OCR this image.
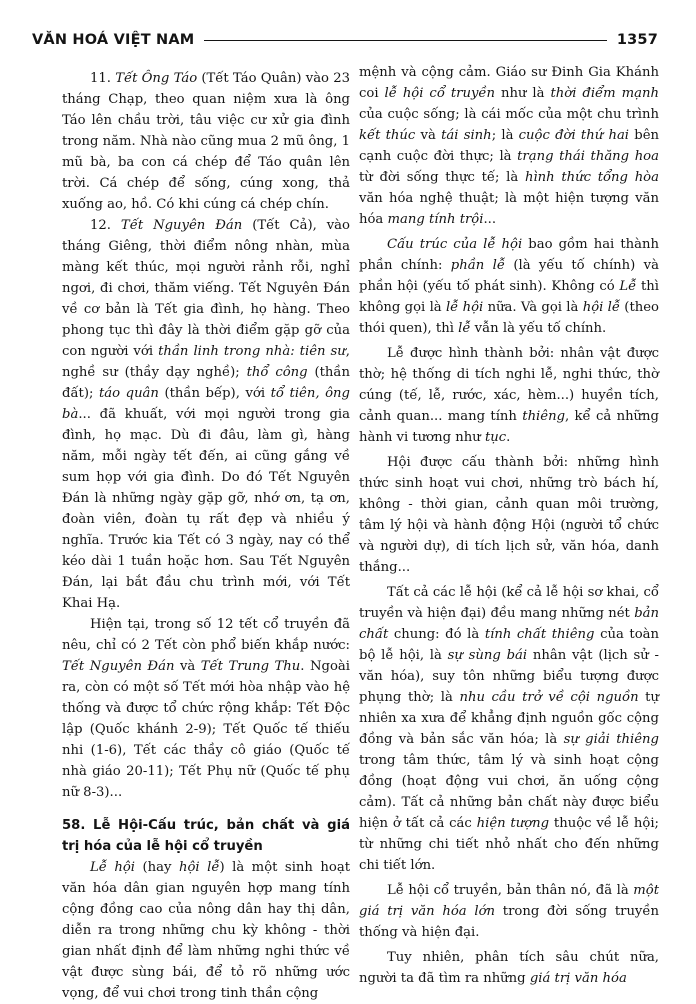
VĂN HOÁ VIỆT NAM	1357

11. Tết Ông Táo (Tết Táo Quân) vào 23 tháng Chạp, theo quan niệm xưa là ông Táo lên chầu trời, tâu việc cư xử gia đình trong năm. Nhà nào cũng mua 2 mũ ông, 1 mũ bà, ba con cá chép để Táo quân lên trời. Cá chép để sống, cúng xong, thả xuống ao, hồ. Có khi cúng cá chép chín.

12. Tết Nguyên Đán (Tết Cả), vào tháng Giêng, thời điểm nông nhàn, mùa màng kết thúc, mọi người rảnh rỗi, nghỉ ngơi, đi chơi, thăm viếng. Tết Nguyên Đán về cơ bản là Tết gia đình, họ hàng. Theo phong tục thì đây là thời điểm gặp gỡ của con người với thần linh trong nhà: tiên sư, nghề sư (thầy dạy nghề); thổ công (thần đất); táo quân (thần bếp), với tổ tiên, ông bà... đã khuất, với mọi người trong gia đình, họ mạc. Dù đi đâu, làm gì, hàng năm, mỗi ngày tết đến, ai cũng gắng về sum họp với gia đình. Do đó Tết Nguyên Đán là những ngày gặp gỡ, nhớ ơn, tạ ơn, đoàn viên, đoàn tụ rất đẹp và nhiều ý nghĩa. Trước kia Tết có 3 ngày, nay có thể kéo dài 1 tuần hoặc hơn. Sau Tết Nguyên Đán, lại bắt đầu chu trình mới, với Tết Khai Hạ.

Hiện tại, trong số 12 tết cổ truyền đã nêu, chỉ có 2 Tết còn phổ biến khắp nước: Tết Nguyên Đán và Tết Trung Thu. Ngoài ra, còn có một số Tết mới hòa nhập vào hệ thống và được tổ chức rộng khắp: Tết Độc lập (Quốc khánh 2-9); Tết Quốc tế thiếu nhi (1-6), Tết các thầy cô giáo (Quốc tế nhà giáo 20-11); Tết Phụ nữ (Quốc tế phụ nữ 8-3)...

58. Lễ Hội-Cấu trúc, bản chất và giá trị hóa của lễ hội cổ truyền

Lễ hội (hay hội lễ) là một sinh hoạt văn hóa dân gian nguyên hợp mang tính cộng đồng cao của nông dân hay thị dân, diễn ra trong những chu kỳ không - thời gian nhất định để làm những nghi thức về vật được sùng bái, để tỏ rõ những ước vọng, để vui chơi trong tinh thần cộng

mệnh và cộng cảm. Giáo sư Đinh Gia Khánh coi lễ hội cổ truyền như là thời điểm mạnh của cuộc sống; là cái mốc của một chu trình kết thúc và tái sinh; là cuộc đời thứ hai bên cạnh cuộc đời thực; là trạng thái thăng hoa từ đời sống thực tế; là hình thức tổng hòa văn hóa nghệ thuật; là một hiện tượng văn hóa mang tính trội...

Cấu trúc của lễ hội bao gồm hai thành phần chính: phần lễ (là yếu tố chính) và phần hội (yếu tố phát sinh). Không có Lễ thì không gọi là lễ hội nữa. Và gọi là hội lễ (theo thói quen), thì lễ vẫn là yếu tố chính.

Lễ được hình thành bởi: nhân vật được thờ; hệ thống di tích nghi lễ, nghi thức, thờ cúng (tế, lễ, rước, xác, hèm...) huyền tích, cảnh quan... mang tính thiêng, kể cả những hành vi tương như tục.

Hội được cấu thành bởi: những hình thức sinh hoạt vui chơi, những trò bách hí, không - thời gian, cảnh quan môi trường, tâm lý hội và hành động Hội (người tổ chức và người dự), di tích lịch sử, văn hóa, danh thắng...

Tất cả các lễ hội (kể cả lễ hội sơ khai, cổ truyền và hiện đại) đều mang những nét bản chất chung: đó là tính chất thiêng của toàn bộ lễ hội, là sự sùng bái nhân vật (lịch sử - văn hóa), suy tôn những biểu tượng được phụng thờ; là nhu cầu trở về cội nguồn tự nhiên xa xưa để khẳng định nguồn gốc cộng đồng và bản sắc văn hóa; là sự giải thiêng trong tâm thức, tâm lý và sinh hoạt cộng đồng (hoạt động vui chơi, ăn uống cộng cảm). Tất cả những bản chất này được biểu hiện ở tất cả các hiện tượng thuộc về lễ hội; từ những chi tiết nhỏ nhất cho đến những chi tiết lớn.

Lễ hội cổ truyền, bản thân nó, đã là một giá trị văn hóa lớn trong đời sống truyền thống và hiện đại.

Tuy nhiên, phân tích sâu chút nữa, người ta đã tìm ra những giá trị văn hóa
